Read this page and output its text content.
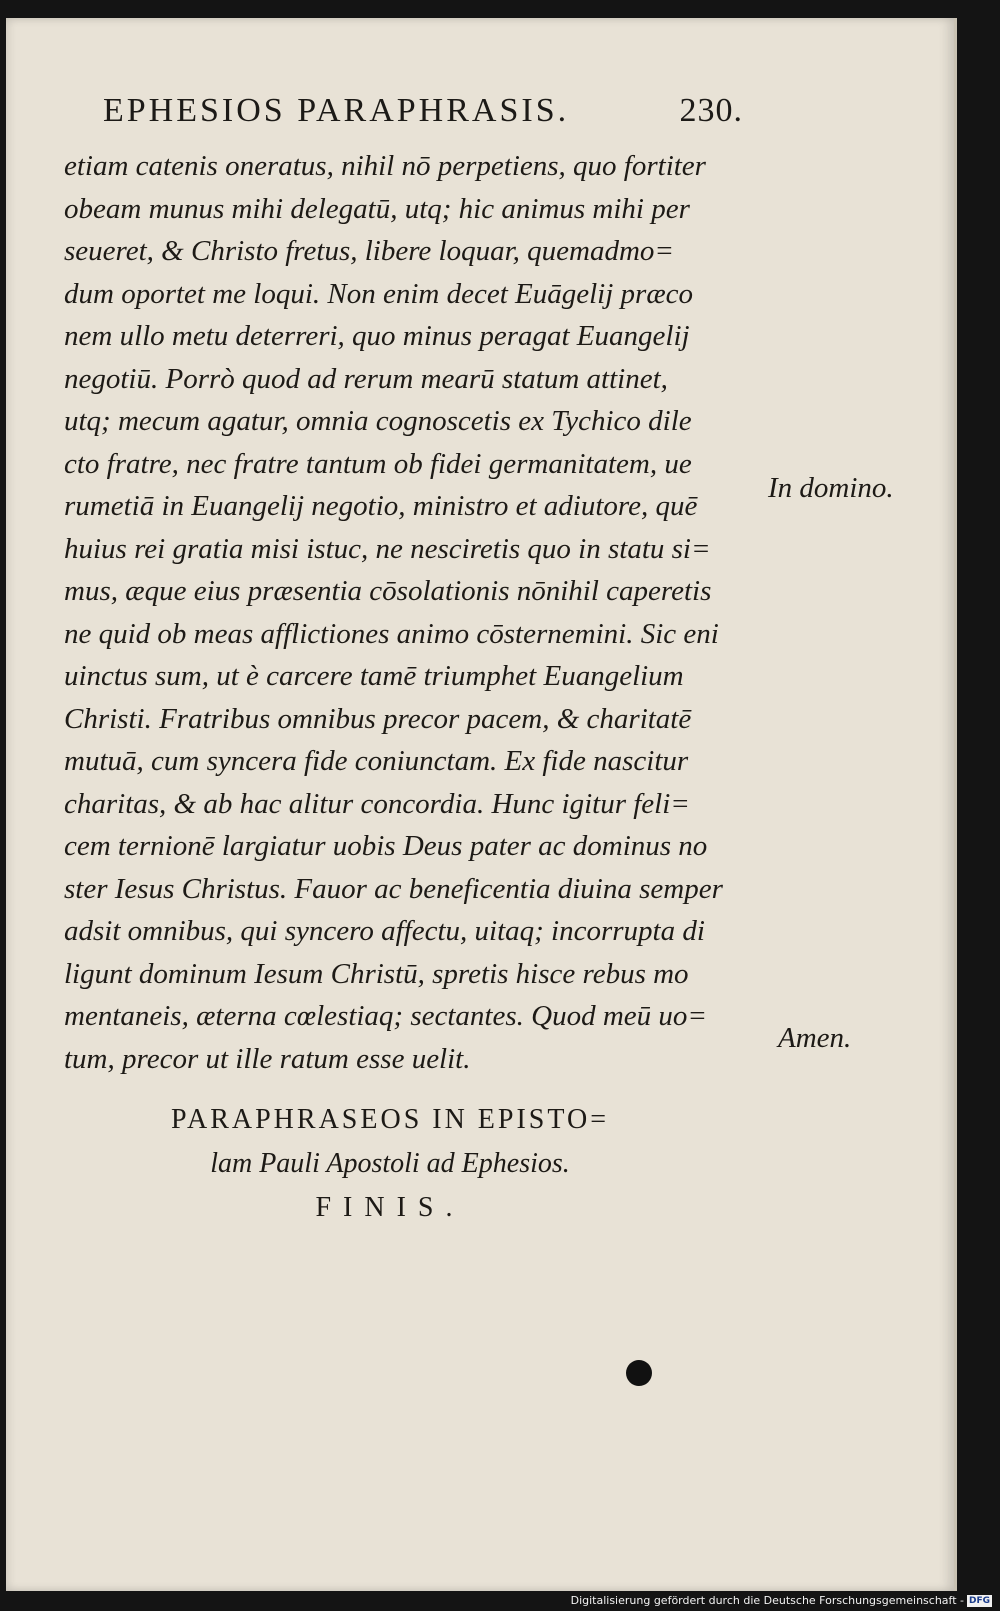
EPHESIOS PARAPHRASIS.	230.
etiam catenis oneratus, nihil nō perpetiens, quo fortiter
obeam munus mihi delegatū, utq; hic animus mihi per
seueret, & Christo fretus, libere loquar, quemadmo=
dum oportet me loqui. Non enim decet Euāgelij præco
nem ullo metu deterreri, quo minus peragat Euangelij
negotiū. Porrò quod ad rerum mearū statum attinet,
utq; mecum agatur, omnia cognoscetis ex Tychico dile
cto fratre, nec fratre tantum ob fidei germanitatem, ue
rumetiā in Euangelij negotio, ministro et adiutore, quē
huius rei gratia misi istuc, ne nesciretis quo in statu si=
mus, æque eius præsentia cōsolationis nōnihil caperetis
ne quid ob meas afflictiones animo cōsternemini. Sic eni
uinctus sum, ut è carcere tamē triumphet Euangelium
Christi. Fratribus omnibus precor pacem, & charitatē
mutuā, cum syncera fide coniunctam. Ex fide nascitur
charitas, & ab hac alitur concordia. Hunc igitur feli=
cem ternionē largiatur uobis Deus pater ac dominus no
ster Iesus Christus. Fauor ac beneficentia diuina semper
adsit omnibus, qui syncero affectu, uitaq; incorrupta di
ligunt dominum Iesum Christū, spretis hisce rebus mo
mentaneis, æterna cœlestiaq; sectantes. Quod meū uo=
tum, precor ut ille ratum esse uelit.
In domino.
Amen.
PARAPHRASEOS IN EPISTO=
lam Pauli Apostoli ad Ephesios.
FINIS.
Digitalisierung gefördert durch die Deutsche Forschungsgemeinschaft - DFG
